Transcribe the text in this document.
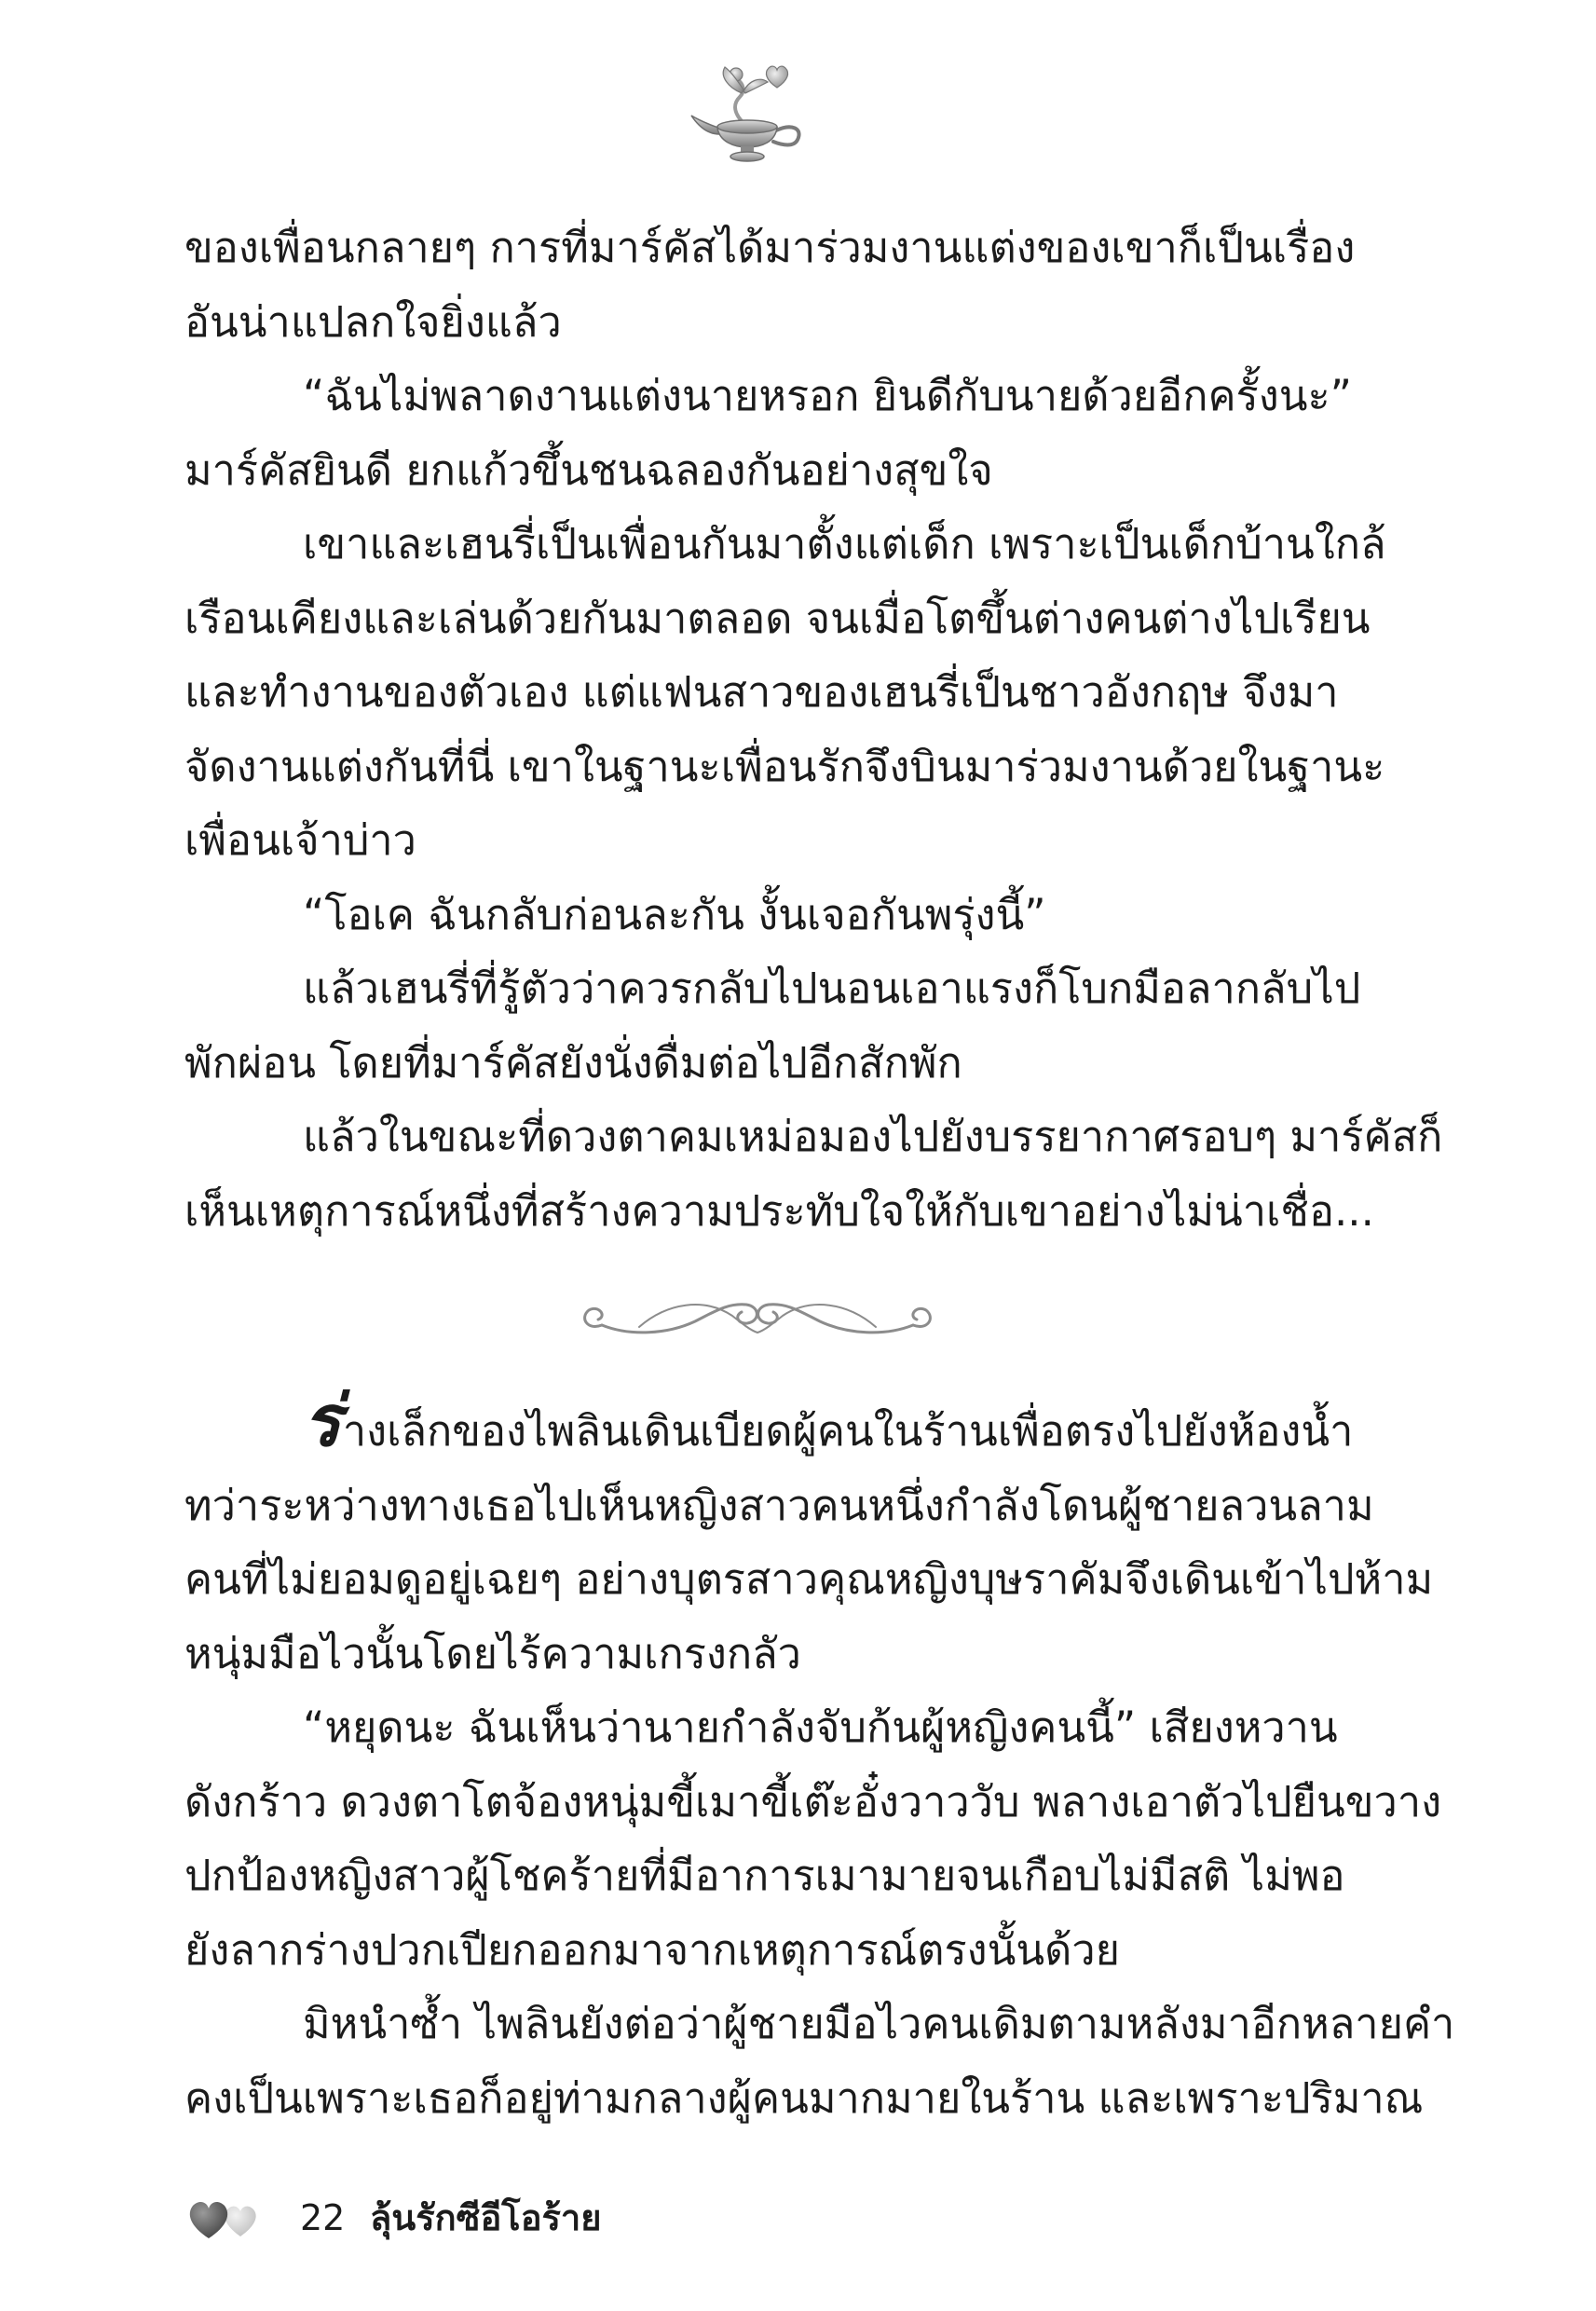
ของเพื่อนกลายๆ การที่มาร์คัสได้มาร่วมงานแต่งของเขาก็เป็นเรื่อง
อันน่าแปลกใจยิ่งแล้ว
“ฉันไม่พลาดงานแต่งนายหรอก ยินดีกับนายด้วยอีกครั้งนะ”
มาร์คัสยินดี ยกแก้วขึ้นชนฉลองกันอย่างสุขใจ
เขาและเฮนรี่เป็นเพื่อนกันมาตั้งแต่เด็ก เพราะเป็นเด็กบ้านใกล้
เรือนเคียงและเล่นด้วยกันมาตลอด จนเมื่อโตขึ้นต่างคนต่างไปเรียน
และทำงานของตัวเอง แต่แฟนสาวของเฮนรี่เป็นชาวอังกฤษ จึงมา
จัดงานแต่งกันที่นี่ เขาในฐานะเพื่อนรักจึงบินมาร่วมงานด้วยในฐานะ
เพื่อนเจ้าบ่าว
“โอเค ฉันกลับก่อนละกัน งั้นเจอกันพรุ่งนี้”
แล้วเฮนรี่ที่รู้ตัวว่าควรกลับไปนอนเอาแรงก็โบกมือลากลับไป
พักผ่อน โดยที่มาร์คัสยังนั่งดื่มต่อไปอีกสักพัก
แล้วในขณะที่ดวงตาคมเหม่อมองไปยังบรรยากาศรอบๆ มาร์คัสก็
เห็นเหตุการณ์หนึ่งที่สร้างความประทับใจให้กับเขาอย่างไม่น่าเชื่อ...
ร่างเล็กของไพลินเดินเบียดผู้คนในร้านเพื่อตรงไปยังห้องน้ำ
ทว่าระหว่างทางเธอไปเห็นหญิงสาวคนหนึ่งกำลังโดนผู้ชายลวนลาม
คนที่ไม่ยอมดูอยู่เฉยๆ อย่างบุตรสาวคุณหญิงบุษราคัมจึงเดินเข้าไปห้าม
หนุ่มมือไวนั้นโดยไร้ความเกรงกลัว
“หยุดนะ ฉันเห็นว่านายกำลังจับก้นผู้หญิงคนนี้” เสียงหวาน
ดังกร้าว ดวงตาโตจ้องหนุ่มขี้เมาขี้เต๊ะอั๋งวาววับ พลางเอาตัวไปยืนขวาง
ปกป้องหญิงสาวผู้โชคร้ายที่มีอาการเมามายจนเกือบไม่มีสติ ไม่พอ
ยังลากร่างปวกเปียกออกมาจากเหตุการณ์ตรงนั้นด้วย
มิหนำซ้ำ ไพลินยังต่อว่าผู้ชายมือไวคนเดิมตามหลังมาอีกหลายคำ
คงเป็นเพราะเธอก็อยู่ท่ามกลางผู้คนมากมายในร้าน และเพราะปริมาณ
22 ลุ้นรักซีอีโอร้าย
